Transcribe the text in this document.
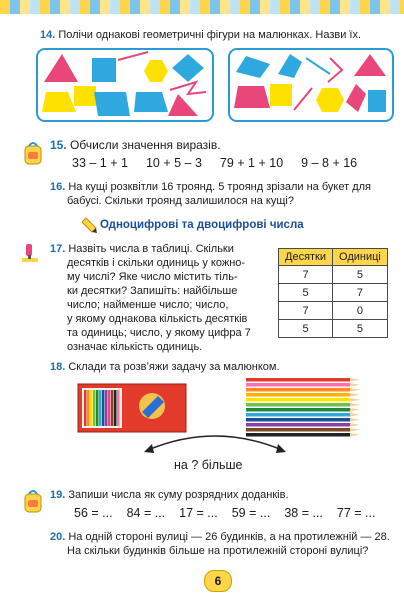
14. Полічи однакові геометричні фігури на малюнках. Назви їх.
15. Обчисли значення виразів.
33 – 1 + 1 10 + 5 – 3 79 + 1 + 10 9 – 8 + 16
16. На кущі розквітли 16 троянд. 5 троянд зрізали на букет для
бабусі. Скільки троянд залишилося на кущі?
Одноцифрові та двоцифрові числа
17. Назвіть числа в таблиці. Скільки
десятків і скільки одиниць у кожно-
му числі? Яке число містить тіль-
ки десятки? Запишіть: найбільше
число; найменше число; число,
у якому однакова кількість десятків
та одиниць; число, у якому цифра 7
означає кількість одиниць.
Десятки	Одиниці
7	5
5	7
7	0
5	5
18. Склади та розв’яжи задачу за малюнком.
на ? більше
19. Запиши числа як суму розрядних доданків.
56 = ... 84 = ... 17 = ... 59 = ... 38 = ... 77 = ...
20. На одній стороні вулиці — 26 будинків, а на протилежній — 28.
На скільки будинків більше на протилежній стороні вулиці?
6
